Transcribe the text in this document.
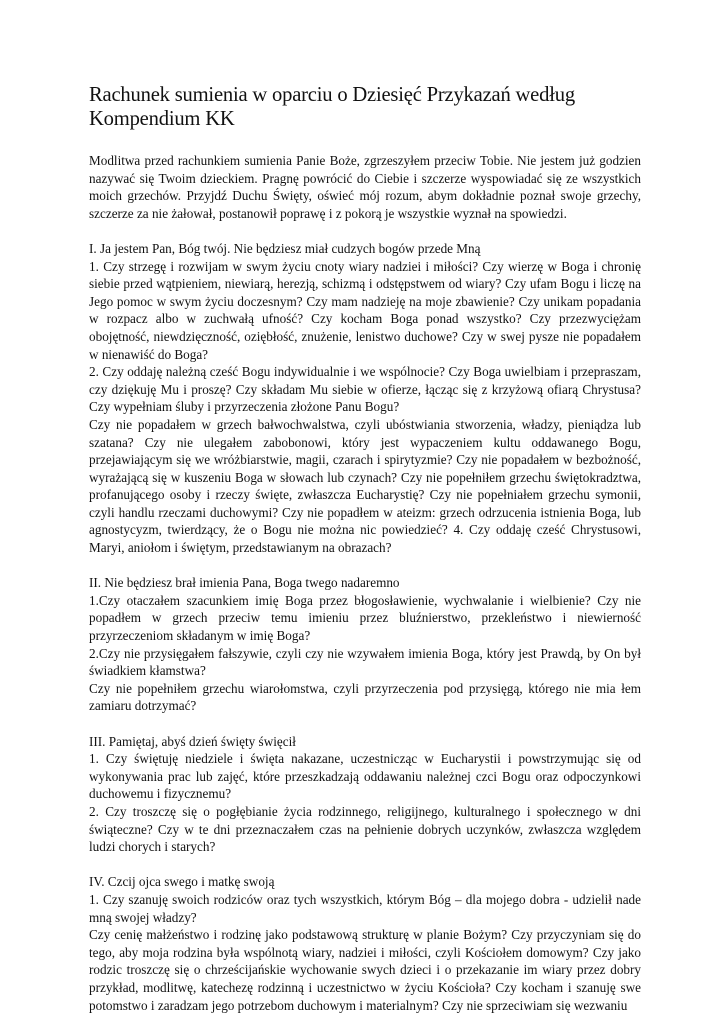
Rachunek sumienia w oparciu o Dziesięć Przykazań według Kompendium KK

Modlitwa przed rachunkiem sumienia Panie Boże, zgrzeszyłem przeciw Tobie. Nie jestem już godzien nazywać się Twoim dzieckiem. Pragnę powrócić do Ciebie i szczerze wyspowiadać się ze wszystkich moich grzechów. Przyjdź Duchu Święty, oświeć mój rozum, abym dokładnie poznał swoje grzechy, szczerze za nie żałował, postanowił poprawę i z pokorą je wszystkie wyznał na spowiedzi.

I. Ja jestem Pan, Bóg twój. Nie będziesz miał cudzych bogów przede Mną

1. Czy strzegę i rozwijam w swym życiu cnoty wiary nadziei i miłości? Czy wierzę w Boga i chronię siebie przed wątpieniem, niewiarą, herezją, schizmą i odstępstwem od wiary? Czy ufam Bogu i liczę na Jego pomoc w swym życiu doczesnym? Czy mam nadzieję na moje zbawienie? Czy unikam popadania w rozpacz albo w zuchwałą ufność? Czy kocham Boga ponad wszystko? Czy przezwyciężam obojętność, niewdzięczność, oziębłość, znużenie, lenistwo duchowe? Czy w swej pysze nie popadałem w nienawiść do Boga?

2. Czy oddaję należną cześć Bogu indywidualnie i we wspólnocie? Czy Boga uwielbiam i przepraszam, czy dziękuję Mu i proszę? Czy składam Mu siebie w ofierze, łącząc się z krzyżową ofiarą Chrystusa? Czy wypełniam śluby i przyrzeczenia złożone Panu Bogu?

Czy nie popadałem w grzech bałwochwalstwa, czyli ubóstwiania stworzenia, władzy, pieniądza lub szatana? Czy nie ulegałem zabobonowi, który jest wypaczeniem kultu oddawanego Bogu, przejawiającym się we wróżbiarstwie, magii, czarach i spirytyzmie? Czy nie popadałem w bezbożność, wyrażającą się w kuszeniu Boga w słowach lub czynach? Czy nie popełniłem grzechu świętokradztwa, profanującego osoby i rzeczy święte, zwłaszcza Eucharystię? Czy nie popełniałem grzechu symonii, czyli handlu rzeczami duchowymi? Czy nie popadłem w ateizm: grzech odrzucenia istnienia Boga, lub agnostycyzm, twierdzący, że o Bogu nie można nic powiedzieć? 4. Czy oddaję cześć Chrystusowi, Maryi, aniołom i świętym, przedstawianym na obrazach?

II. Nie będziesz brał imienia Pana, Boga twego nadaremno

1.Czy otaczałem szacunkiem imię Boga przez błogosławienie, wychwalanie i wielbienie? Czy nie popadłem w grzech przeciw temu imieniu przez bluźnierstwo, przekleństwo i niewierność przyrzeczeniom składanym w imię Boga?

2.Czy nie przysięgałem fałszywie, czyli czy nie wzywałem imienia Boga, który jest Prawdą, by On był świadkiem kłamstwa?

Czy nie popełniłem grzechu wiarołomstwa, czyli przyrzeczenia pod przysięgą, którego nie mia łem zamiaru dotrzymać?

III. Pamiętaj, abyś dzień święty święcił

1. Czy świętuję niedziele i święta nakazane, uczestnicząc w Eucharystii i powstrzymując się od wykonywania prac lub zajęć, które przeszkadzają oddawaniu należnej czci Bogu oraz odpoczynkowi duchowemu i fizycznemu?

2. Czy troszczę się o pogłębianie życia rodzinnego, religijnego, kulturalnego i społecznego w dni świąteczne? Czy w te dni przeznaczałem czas na pełnienie dobrych uczynków, zwłaszcza względem ludzi chorych i starych?

IV. Czcij ojca swego i matkę swoją

1. Czy szanuję swoich rodziców oraz tych wszystkich, którym Bóg – dla mojego dobra - udzielił nade mną swojej władzy?

Czy cenię małżeństwo i rodzinę jako podstawową strukturę w planie Bożym? Czy przyczyniam się do tego, aby moja rodzina była wspólnotą wiary, nadziei i miłości, czyli Kościołem domowym? Czy jako rodzic troszczę się o chrześcijańskie wychowanie swych dzieci i o przekazanie im wiary przez dobry przykład, modlitwę, katechezę rodzinną i uczestnictwo w życiu Kościoła? Czy kocham i szanuję swe potomstwo i zaradzam jego potrzebom duchowym i materialnym? Czy nie sprzeciwiam się wezwaniu
